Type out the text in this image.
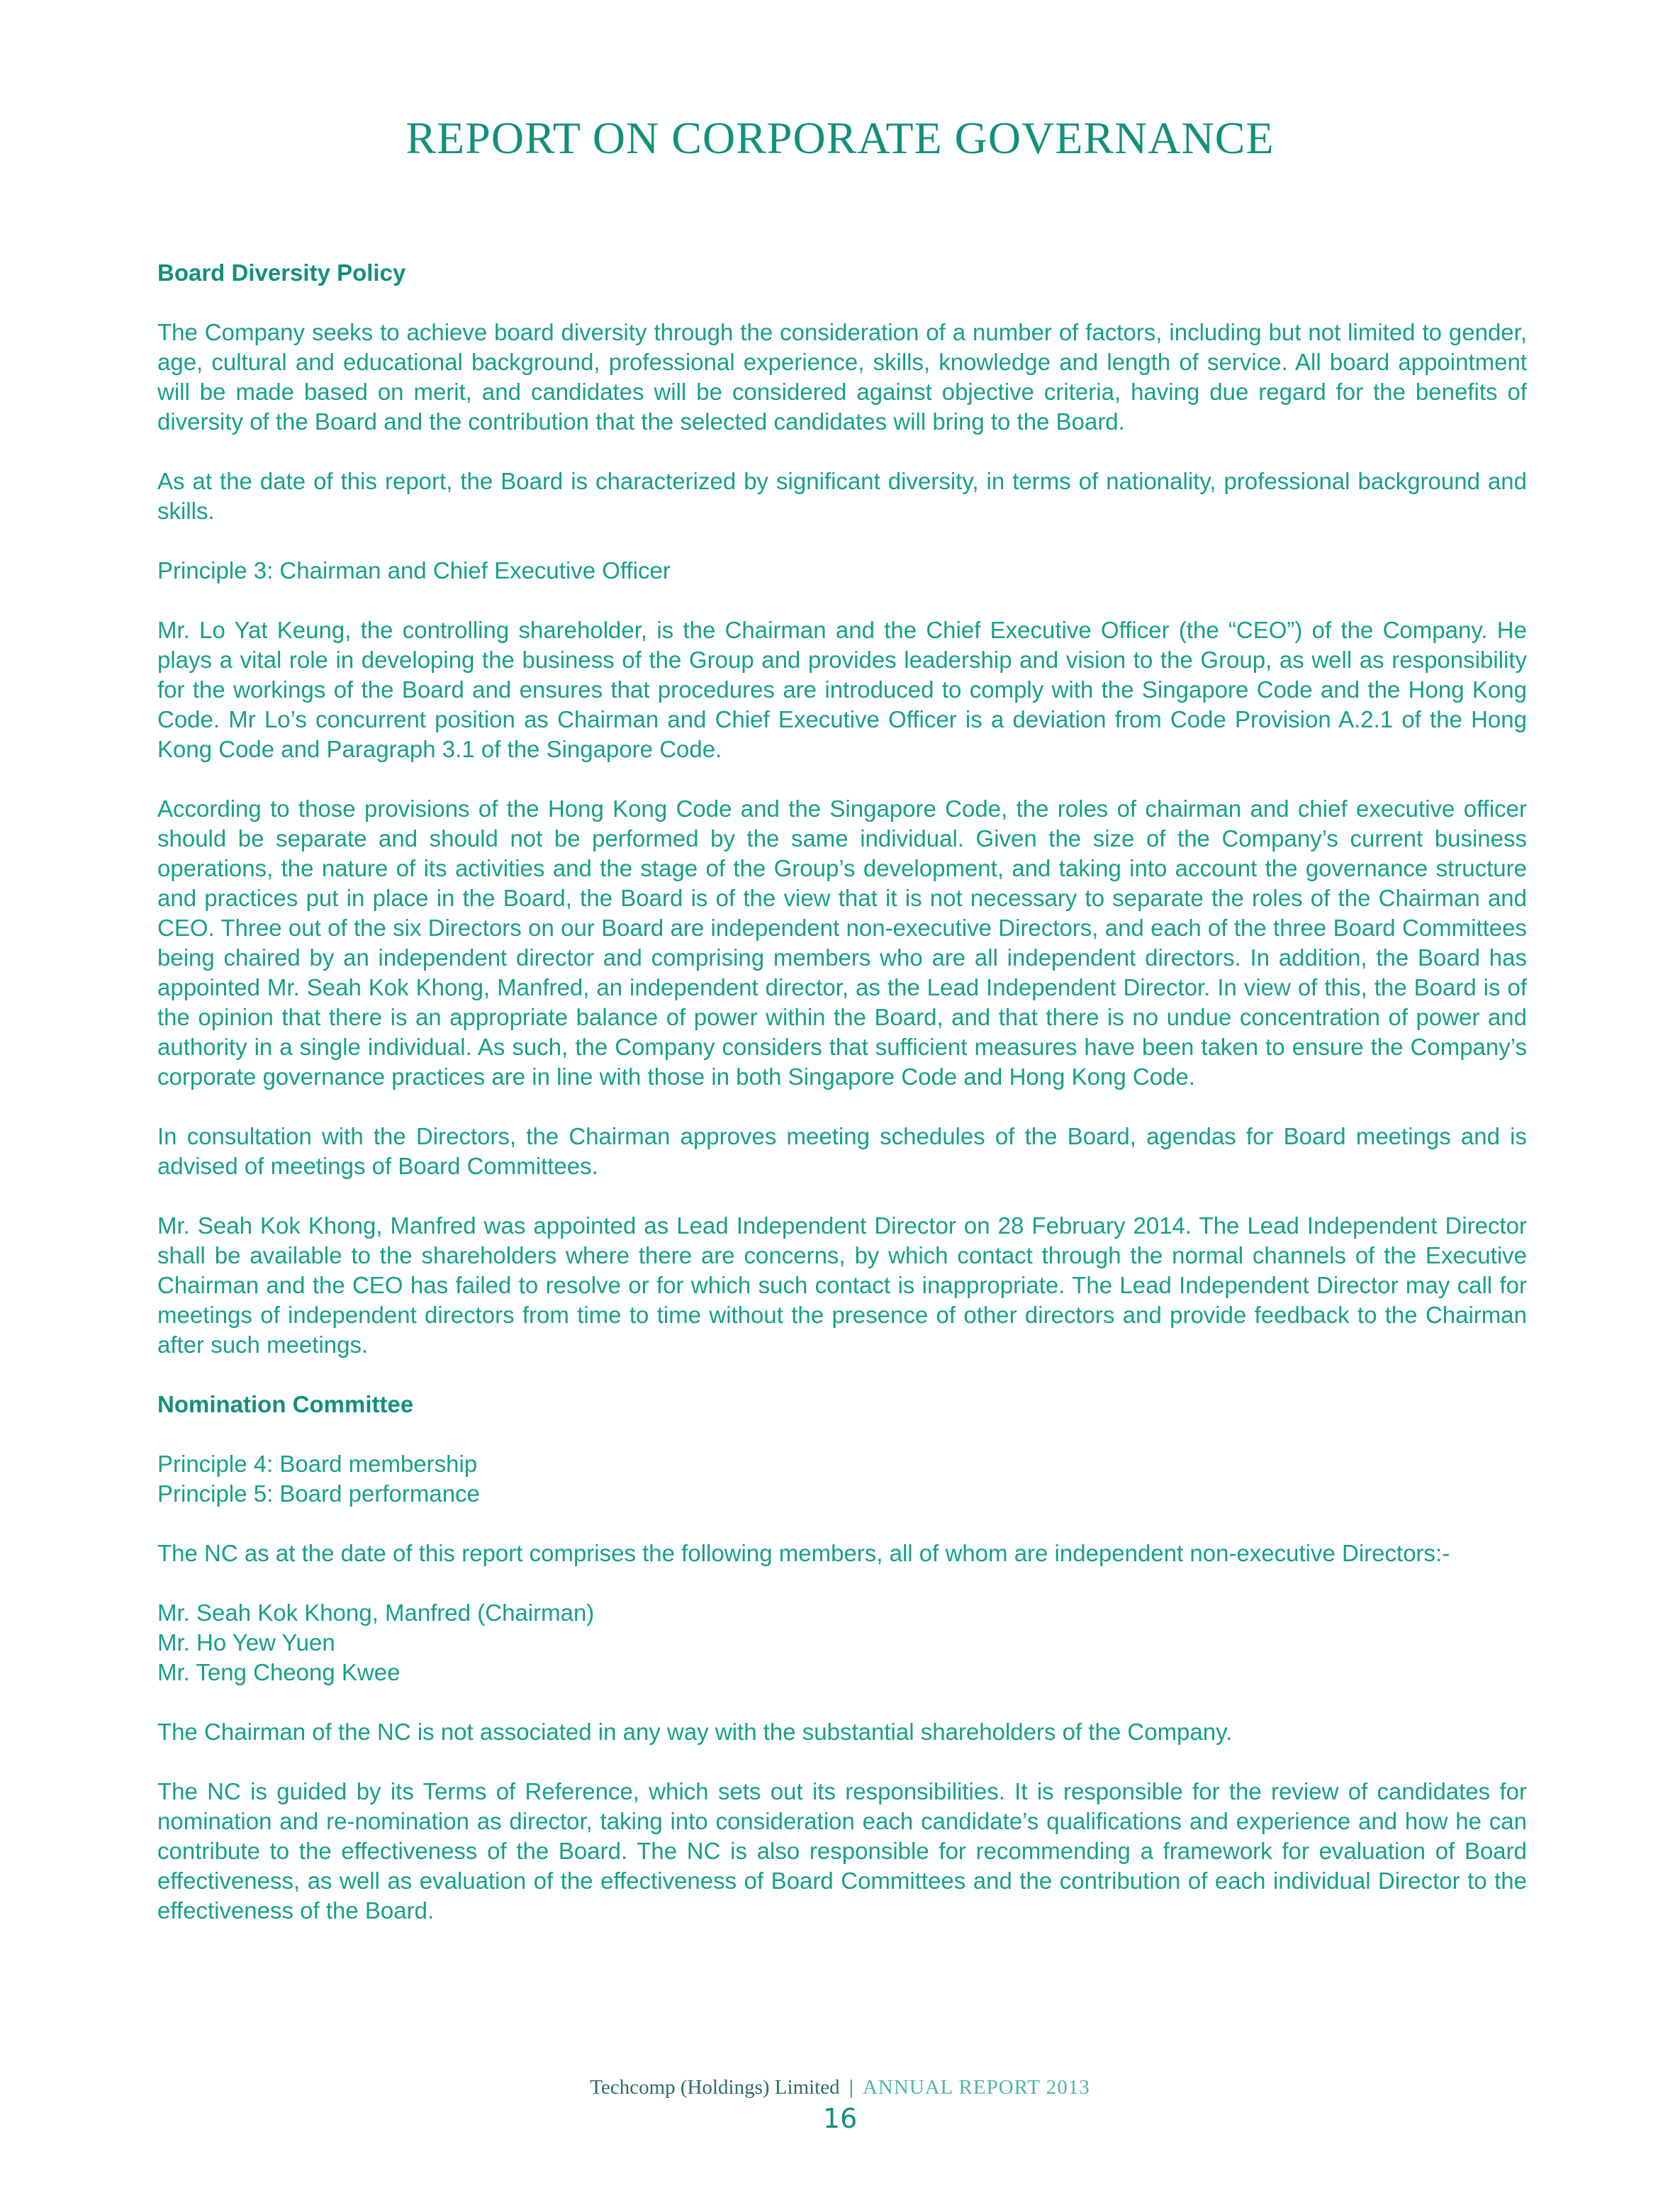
REPORT ON CORPORATE GOVERNANCE
Board Diversity Policy

The Company seeks to achieve board diversity through the consideration of a number of factors, including but not limited to gender, age, cultural and educational background, professional experience, skills, knowledge and length of service. All board appointment will be made based on merit, and candidates will be considered against objective criteria, having due regard for the benefits of diversity of the Board and the contribution that the selected candidates will bring to the Board.

As at the date of this report, the Board is characterized by significant diversity, in terms of nationality, professional background and skills.

Principle 3: Chairman and Chief Executive Officer

Mr. Lo Yat Keung, the controlling shareholder, is the Chairman and the Chief Executive Officer (the “CEO”) of the Company. He plays a vital role in developing the business of the Group and provides leadership and vision to the Group, as well as responsibility for the workings of the Board and ensures that procedures are introduced to comply with the Singapore Code and the Hong Kong Code. Mr Lo’s concurrent position as Chairman and Chief Executive Officer is a deviation from Code Provision A.2.1 of the Hong Kong Code and Paragraph 3.1 of the Singapore Code.

According to those provisions of the Hong Kong Code and the Singapore Code, the roles of chairman and chief executive officer should be separate and should not be performed by the same individual. Given the size of the Company’s current business operations, the nature of its activities and the stage of the Group’s development, and taking into account the governance structure and practices put in place in the Board, the Board is of the view that it is not necessary to separate the roles of the Chairman and CEO. Three out of the six Directors on our Board are independent non-executive Directors, and each of the three Board Committees being chaired by an independent director and comprising members who are all independent directors. In addition, the Board has appointed Mr. Seah Kok Khong, Manfred, an independent director, as the Lead Independent Director. In view of this, the Board is of the opinion that there is an appropriate balance of power within the Board, and that there is no undue concentration of power and authority in a single individual. As such, the Company considers that sufficient measures have been taken to ensure the Company’s corporate governance practices are in line with those in both Singapore Code and Hong Kong Code.

In consultation with the Directors, the Chairman approves meeting schedules of the Board, agendas for Board meetings and is advised of meetings of Board Committees.

Mr. Seah Kok Khong, Manfred was appointed as Lead Independent Director on 28 February 2014. The Lead Independent Director shall be available to the shareholders where there are concerns, by which contact through the normal channels of the Executive Chairman and the CEO has failed to resolve or for which such contact is inappropriate. The Lead Independent Director may call for meetings of independent directors from time to time without the presence of other directors and provide feedback to the Chairman after such meetings.

Nomination Committee

Principle 4: Board membership
Principle 5: Board performance

The NC as at the date of this report comprises the following members, all of whom are independent non-executive Directors:-

Mr. Seah Kok Khong, Manfred (Chairman)
Mr. Ho Yew Yuen
Mr. Teng Cheong Kwee

The Chairman of the NC is not associated in any way with the substantial shareholders of the Company.

The NC is guided by its Terms of Reference, which sets out its responsibilities. It is responsible for the review of candidates for nomination and re-nomination as director, taking into consideration each candidate’s qualifications and experience and how he can contribute to the effectiveness of the Board. The NC is also responsible for recommending a framework for evaluation of Board effectiveness, as well as evaluation of the effectiveness of Board Committees and the contribution of each individual Director to the effectiveness of the Board.

Techcomp (Holdings) Limited | ANNUAL REPORT 2013
16
